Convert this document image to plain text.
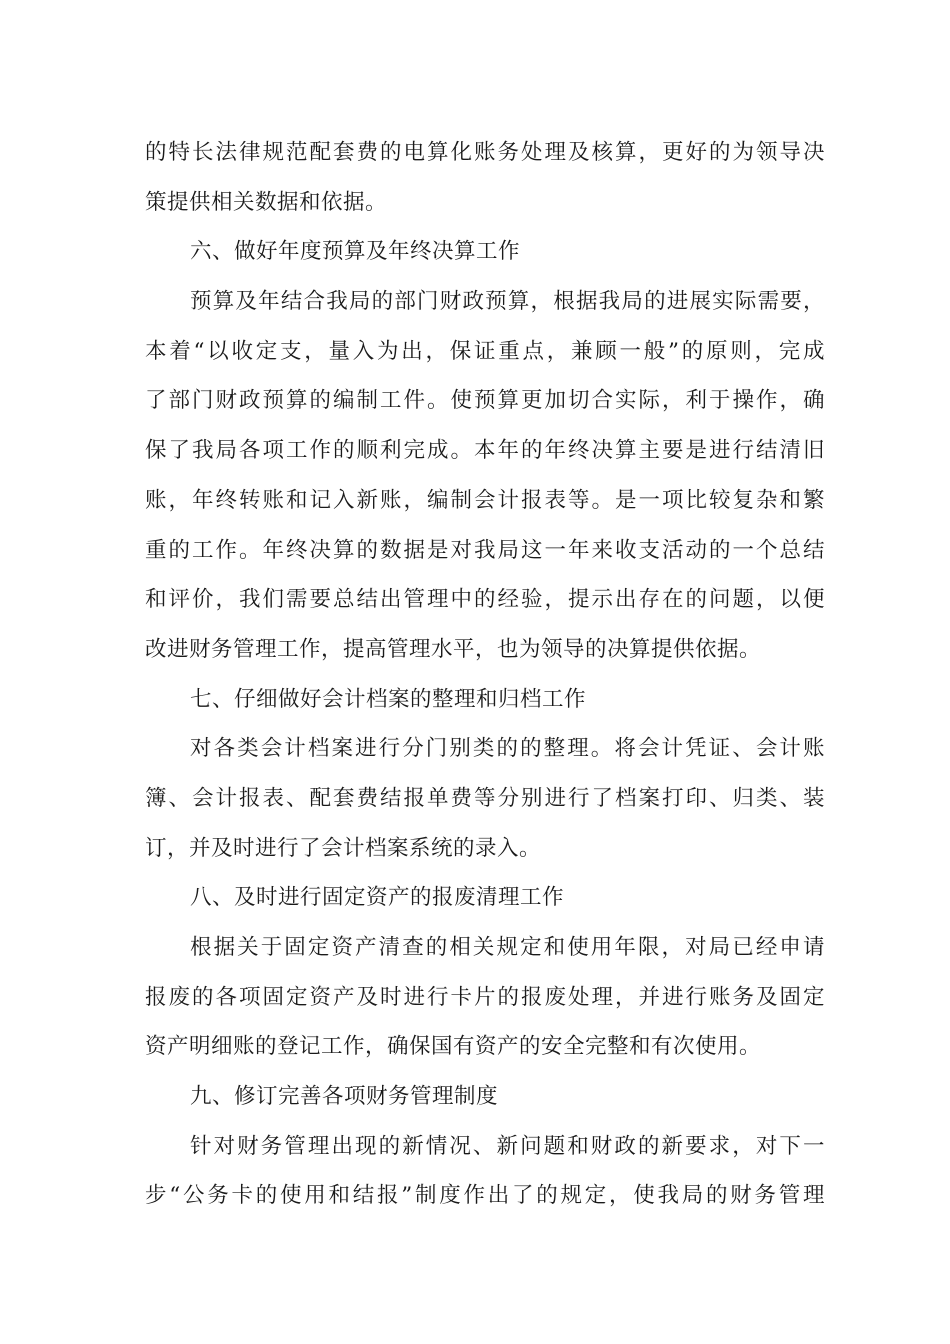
的特长法律规范配套费的电算化账务处理及核算，更好的为领导决
策提供相关数据和依据。
六、做好年度预算及年终决算工作
预算及年结合我局的部门财政预算，根据我局的进展实际需要，
本着“以收定支，量入为出，保证重点，兼顾一般”的原则，完成
了部门财政预算的编制工件。使预算更加切合实际，利于操作，确
保了我局各项工作的顺利完成。本年的年终决算主要是进行结清旧
账，年终转账和记入新账，编制会计报表等。是一项比较复杂和繁
重的工作。年终决算的数据是对我局这一年来收支活动的一个总结
和评价，我们需要总结出管理中的经验，提示出存在的问题，以便
改进财务管理工作，提高管理水平，也为领导的决算提供依据。
七、仔细做好会计档案的整理和归档工作
对各类会计档案进行分门别类的的整理。将会计凭证、会计账
簿、会计报表、配套费结报单费等分别进行了档案打印、归类、装
订，并及时进行了会计档案系统的录入。
八、及时进行固定资产的报废清理工作
根据关于固定资产清查的相关规定和使用年限，对局已经申请
报废的各项固定资产及时进行卡片的报废处理，并进行账务及固定
资产明细账的登记工作，确保国有资产的安全完整和有次使用。
九、修订完善各项财务管理制度
针对财务管理出现的新情况、新问题和财政的新要求，对下一
步“公务卡的使用和结报”制度作出了的规定，使我局的财务管理
